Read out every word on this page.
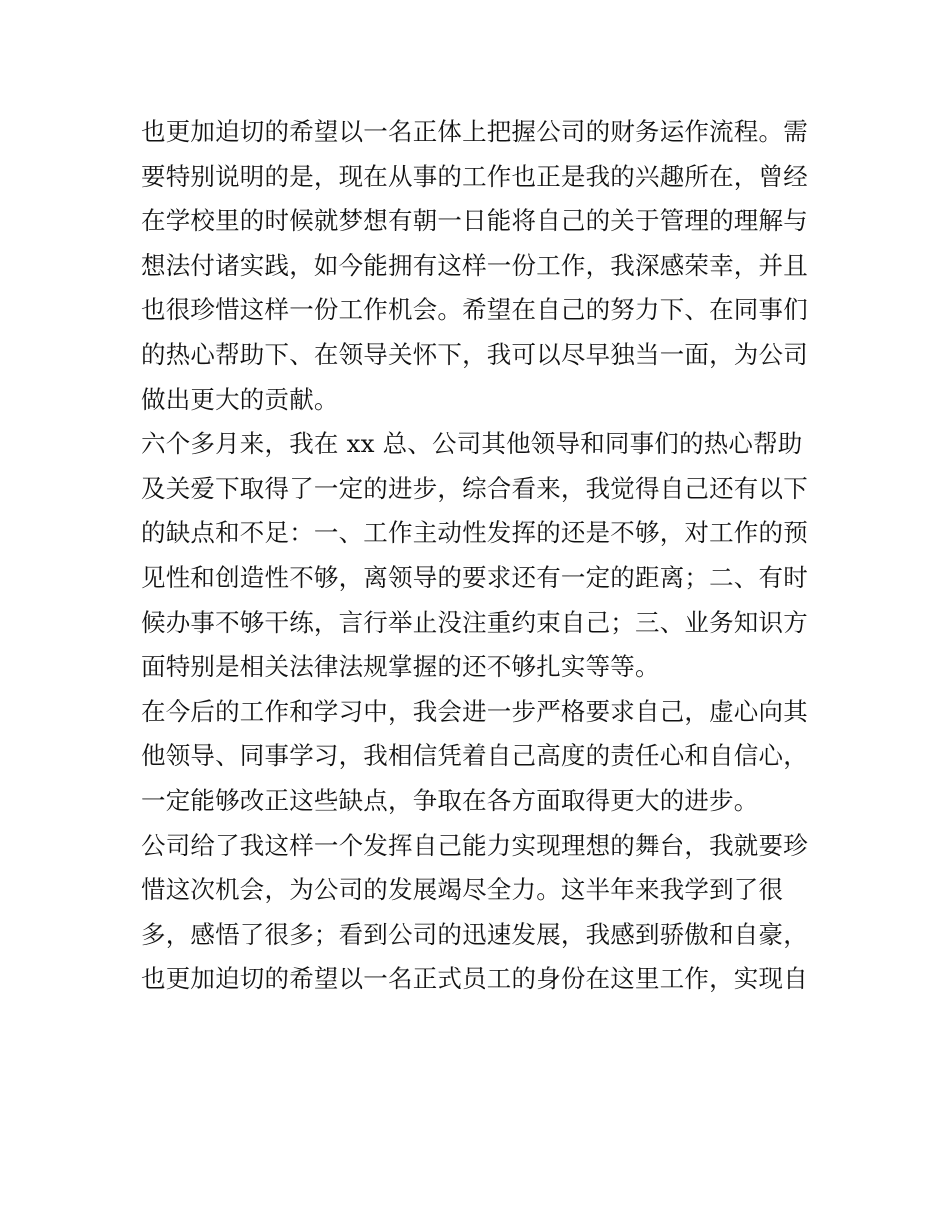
也更加迫切的希望以一名正体上把握公司的财务运作流程。需
要特别说明的是，现在从事的工作也正是我的兴趣所在，曾经
在学校里的时候就梦想有朝一日能将自己的关于管理的理解与
想法付诸实践，如今能拥有这样一份工作，我深感荣幸，并且
也很珍惜这样一份工作机会。希望在自己的努力下、在同事们
的热心帮助下、在领导关怀下，我可以尽早独当一面，为公司
做出更大的贡献。
六个多月来，我在 xx 总、公司其他领导和同事们的热心帮助
及关爱下取得了一定的进步，综合看来，我觉得自己还有以下
的缺点和不足：一、工作主动性发挥的还是不够，对工作的预
见性和创造性不够，离领导的要求还有一定的距离；二、有时
候办事不够干练，言行举止没注重约束自己；三、业务知识方
面特别是相关法律法规掌握的还不够扎实等等。
在今后的工作和学习中，我会进一步严格要求自己，虚心向其
他领导、同事学习，我相信凭着自己高度的责任心和自信心，
一定能够改正这些缺点，争取在各方面取得更大的进步。
公司给了我这样一个发挥自己能力实现理想的舞台，我就要珍
惜这次机会，为公司的发展竭尽全力。这半年来我学到了很
多，感悟了很多；看到公司的迅速发展，我感到骄傲和自豪，
也更加迫切的希望以一名正式员工的身份在这里工作，实现自
